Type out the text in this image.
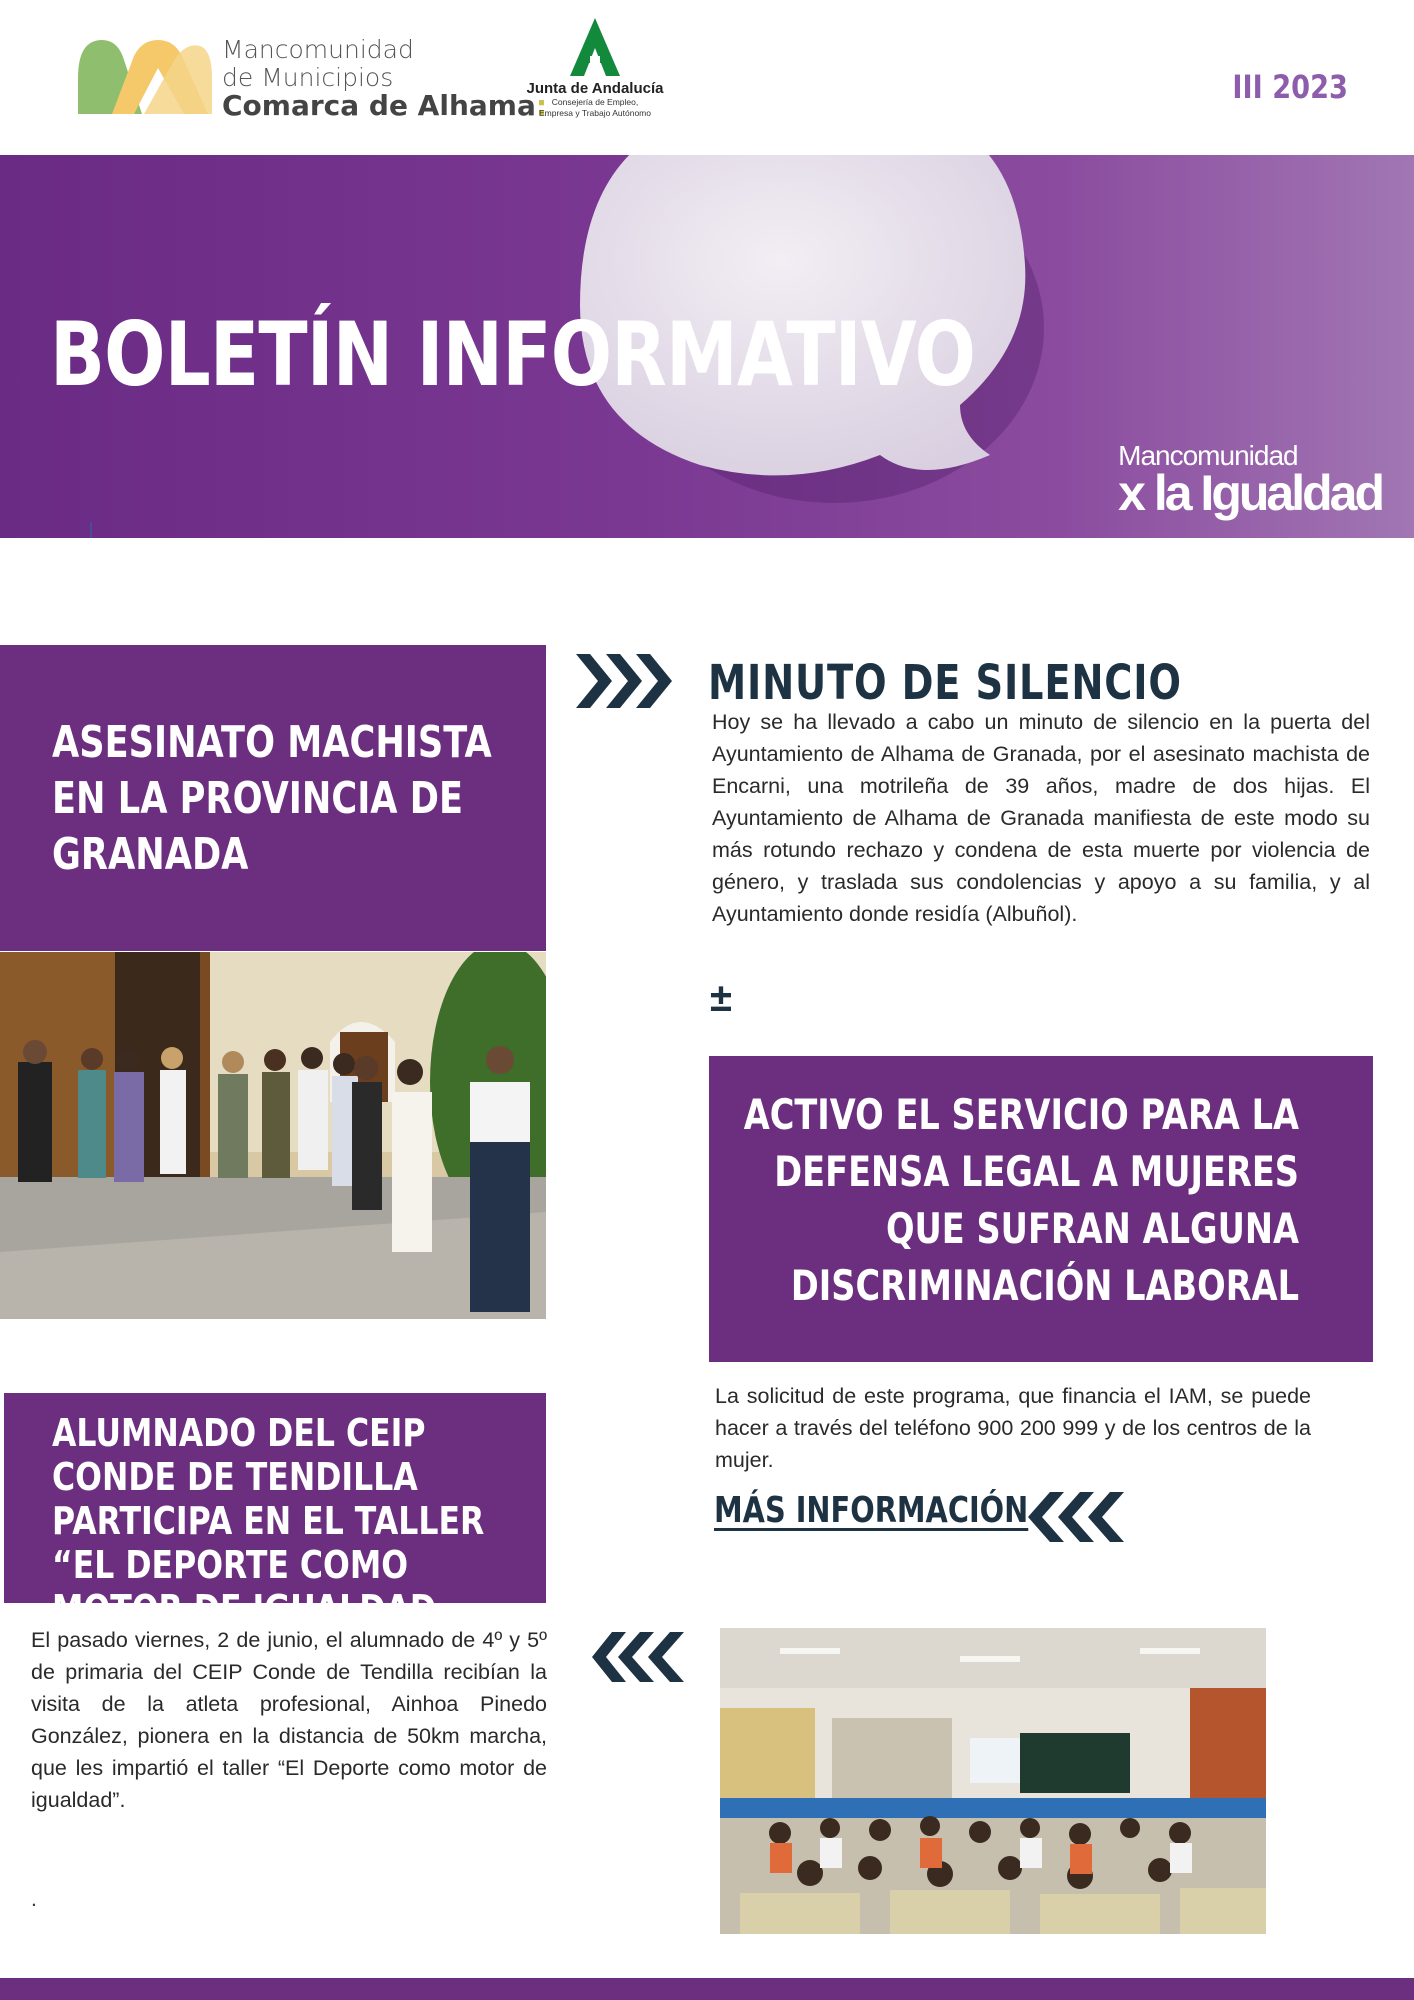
Mancomunidad
de Municipios
Comarca de Alhama:
Junta de Andalucía
Consejería de Empleo,
Empresa y Trabajo Autónomo
III 2023
BOLETÍN INFORMATIVO
Mancomunidad
x la Igualdad
ASESINATO MACHISTA EN LA PROVINCIA DE GRANADA
MINUTO DE SILENCIO
Hoy se ha llevado a cabo un minuto de silencio en la puerta del Ayuntamiento de Alhama de Granada, por el asesinato machista de Encarni, una motrileña de 39 años, madre de dos hijas. El Ayuntamiento de Alhama de Granada manifiesta de este modo su más rotundo rechazo y condena de esta muerte por violencia de género, y traslada sus condolencias y apoyo a su familia, y al Ayuntamiento donde residía (Albuñol).
±
ACTIVO EL SERVICIO PARA LA DEFENSA LEGAL A MUJERES QUE SUFRAN ALGUNA DISCRIMINACIÓN LABORAL
La solicitud de este programa, que financia el IAM, se puede hacer a través del teléfono 900 200 999 y de los centros de la mujer.
MÁS INFORMACIÓN
ALUMNADO DEL CEIP CONDE DE TENDILLA PARTICIPA EN EL TALLER “EL DEPORTE COMO MOTOR DE IGUALDAD
El pasado viernes, 2 de junio, el alumnado de 4º y 5º de primaria del CEIP Conde de Tendilla recibían la visita de la atleta profesional, Ainhoa Pinedo González, pionera en la distancia de 50km marcha, que les impartió el taller “El Deporte como motor de igualdad”.
.
